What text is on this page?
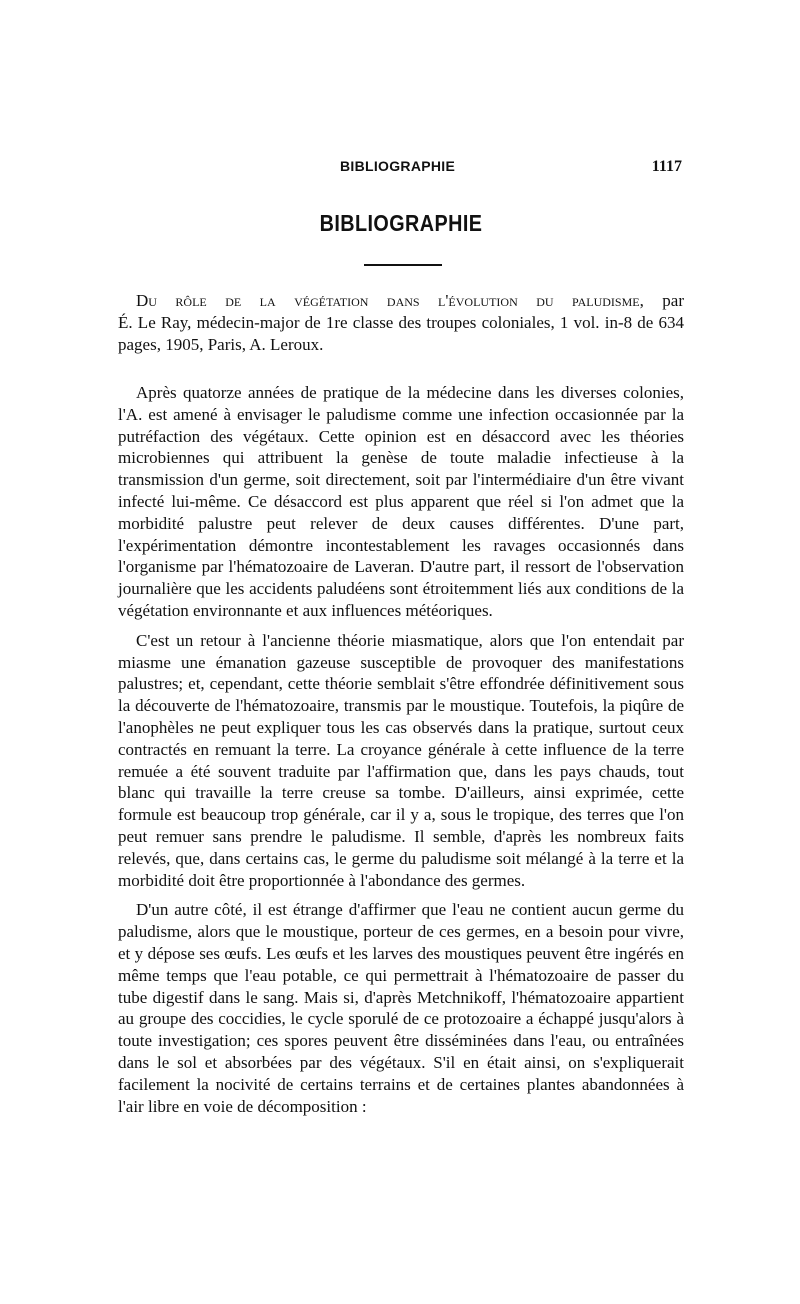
BIBLIOGRAPHIE	1117
BIBLIOGRAPHIE
Du rôle de la végétation dans l'évolution du paludisme, par
É. Le Ray, médecin-major de 1re classe des troupes coloniales, 1 vol. in-8 de 634 pages, 1905, Paris, A. Leroux.

Après quatorze années de pratique de la médecine dans les diverses colonies, l'A. est amené à envisager le paludisme comme une infection occasionnée par la putréfaction des végétaux. Cette opinion est en désaccord avec les théories microbiennes qui attribuent la genèse de toute maladie infectieuse à la transmission d'un germe, soit directement, soit par l'intermédiaire d'un être vivant infecté lui-même. Ce désaccord est plus apparent que réel si l'on admet que la morbidité palustre peut relever de deux causes différentes. D'une part, l'expérimentation démontre incontestablement les ravages occasionnés dans l'organisme par l'hématozoaire de Laveran. D'autre part, il ressort de l'observation journalière que les accidents paludéens sont étroitemment liés aux conditions de la végétation environnante et aux influences météoriques.

C'est un retour à l'ancienne théorie miasmatique, alors que l'on entendait par miasme une émanation gazeuse susceptible de provoquer des manifestations palustres; et, cependant, cette théorie semblait s'être effondrée définitivement sous la découverte de l'hématozoaire, transmis par le moustique. Toutefois, la piqûre de l'anophèles ne peut expliquer tous les cas observés dans la pratique, surtout ceux contractés en remuant la terre. La croyance générale à cette influence de la terre remuée a été souvent traduite par l'affirmation que, dans les pays chauds, tout blanc qui travaille la terre creuse sa tombe. D'ailleurs, ainsi exprimée, cette formule est beaucoup trop générale, car il y a, sous le tropique, des terres que l'on peut remuer sans prendre le paludisme. Il semble, d'après les nombreux faits relevés, que, dans certains cas, le germe du paludisme soit mélangé à la terre et la morbidité doit être proportionnée à l'abondance des germes.

D'un autre côté, il est étrange d'affirmer que l'eau ne contient aucun germe du paludisme, alors que le moustique, porteur de ces germes, en a besoin pour vivre, et y dépose ses œufs. Les œufs et les larves des moustiques peuvent être ingérés en même temps que l'eau potable, ce qui permettrait à l'hématozoaire de passer du tube digestif dans le sang. Mais si, d'après Metchnikoff, l'hématozoaire appartient au groupe des coccidies, le cycle sporulé de ce protozoaire a échappé jusqu'alors à toute investigation; ces spores peuvent être disséminées dans l'eau, ou entraînées dans le sol et absorbées par des végétaux. S'il en était ainsi, on s'expliquerait facilement la nocivité de certains terrains et de certaines plantes abandonnées à l'air libre en voie de décomposition :
